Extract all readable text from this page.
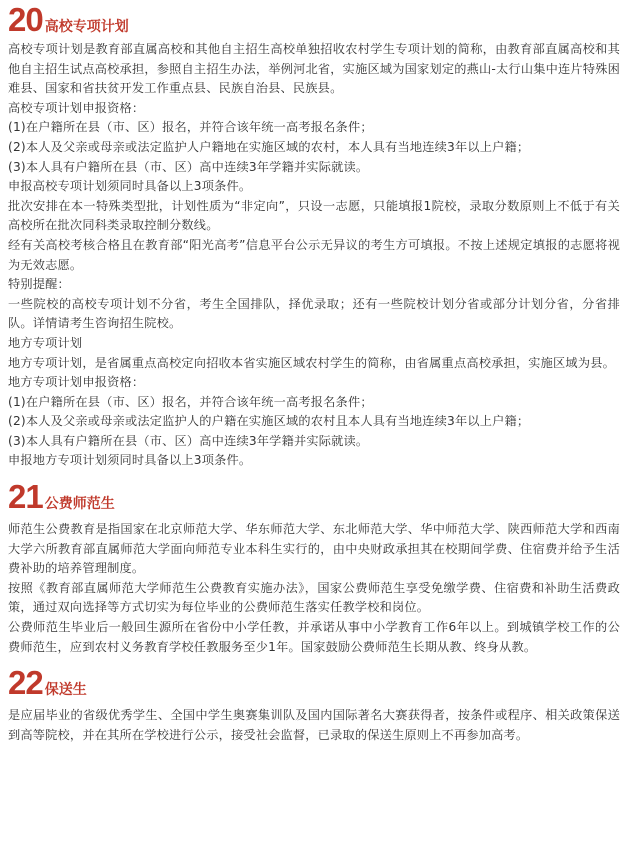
20 高校专项计划

高校专项计划是教育部直属高校和其他自主招生高校单独招收农村学生专项计划的简称，由教育部直属高校和其他自主招生试点高校承担，参照自主招生办法，举例河北省，实施区域为国家划定的燕山-太行山集中连片特殊困难县、国家和省扶贫开发工作重点县、民族自治县、民族县。

高校专项计划申报资格：

(1)在户籍所在县（市、区）报名，并符合该年统一高考报名条件；

(2)本人及父亲或母亲或法定监护人户籍地在实施区域的农村，本人具有当地连续3年以上户籍；

(3)本人具有户籍所在县（市、区）高中连续3年学籍并实际就读。

申报高校专项计划须同时具备以上3项条件。

批次安排在本一特殊类型批，计划性质为“非定向”，只设一志愿，只能填报1院校，录取分数原则上不低于有关高校所在批次同科类录取控制分数线。

经有关高校考核合格且在教育部“阳光高考”信息平台公示无异议的考生方可填报。不按上述规定填报的志愿将视为无效志愿。

特别提醒：

一些院校的高校专项计划不分省，考生全国排队，择优录取；还有一些院校计划分省或部分计划分省，分省排队。详情请考生咨询招生院校。

地方专项计划

地方专项计划，是省属重点高校定向招收本省实施区域农村学生的简称，由省属重点高校承担，实施区域为县。

地方专项计划申报资格：

(1)在户籍所在县（市、区）报名，并符合该年统一高考报名条件；

(2)本人及父亲或母亲或法定监护人的户籍在实施区域的农村且本人具有当地连续3年以上户籍；

(3)本人具有户籍所在县（市、区）高中连续3年学籍并实际就读。

申报地方专项计划须同时具备以上3项条件。

21 公费师范生

师范生公费教育是指国家在北京师范大学、华东师范大学、东北师范大学、华中师范大学、陕西师范大学和西南大学六所教育部直属师范大学面向师范专业本科生实行的，由中央财政承担其在校期间学费、住宿费并给予生活费补助的培养管理制度。

按照《教育部直属师范大学师范生公费教育实施办法》，国家公费师范生享受免缴学费、住宿费和补助生活费政策，通过双向选择等方式切实为每位毕业的公费师范生落实任教学校和岗位。

公费师范生毕业后一般回生源所在省份中小学任教，并承诺从事中小学教育工作6年以上。到城镇学校工作的公费师范生，应到农村义务教育学校任教服务至少1年。国家鼓励公费师范生长期从教、终身从教。

22 保送生

是应届毕业的省级优秀学生、全国中学生奥赛集训队及国内国际著名大赛获得者，按条件或程序、相关政策保送到高等院校，并在其所在学校进行公示，接受社会监督，已录取的保送生原则上不再参加高考。
